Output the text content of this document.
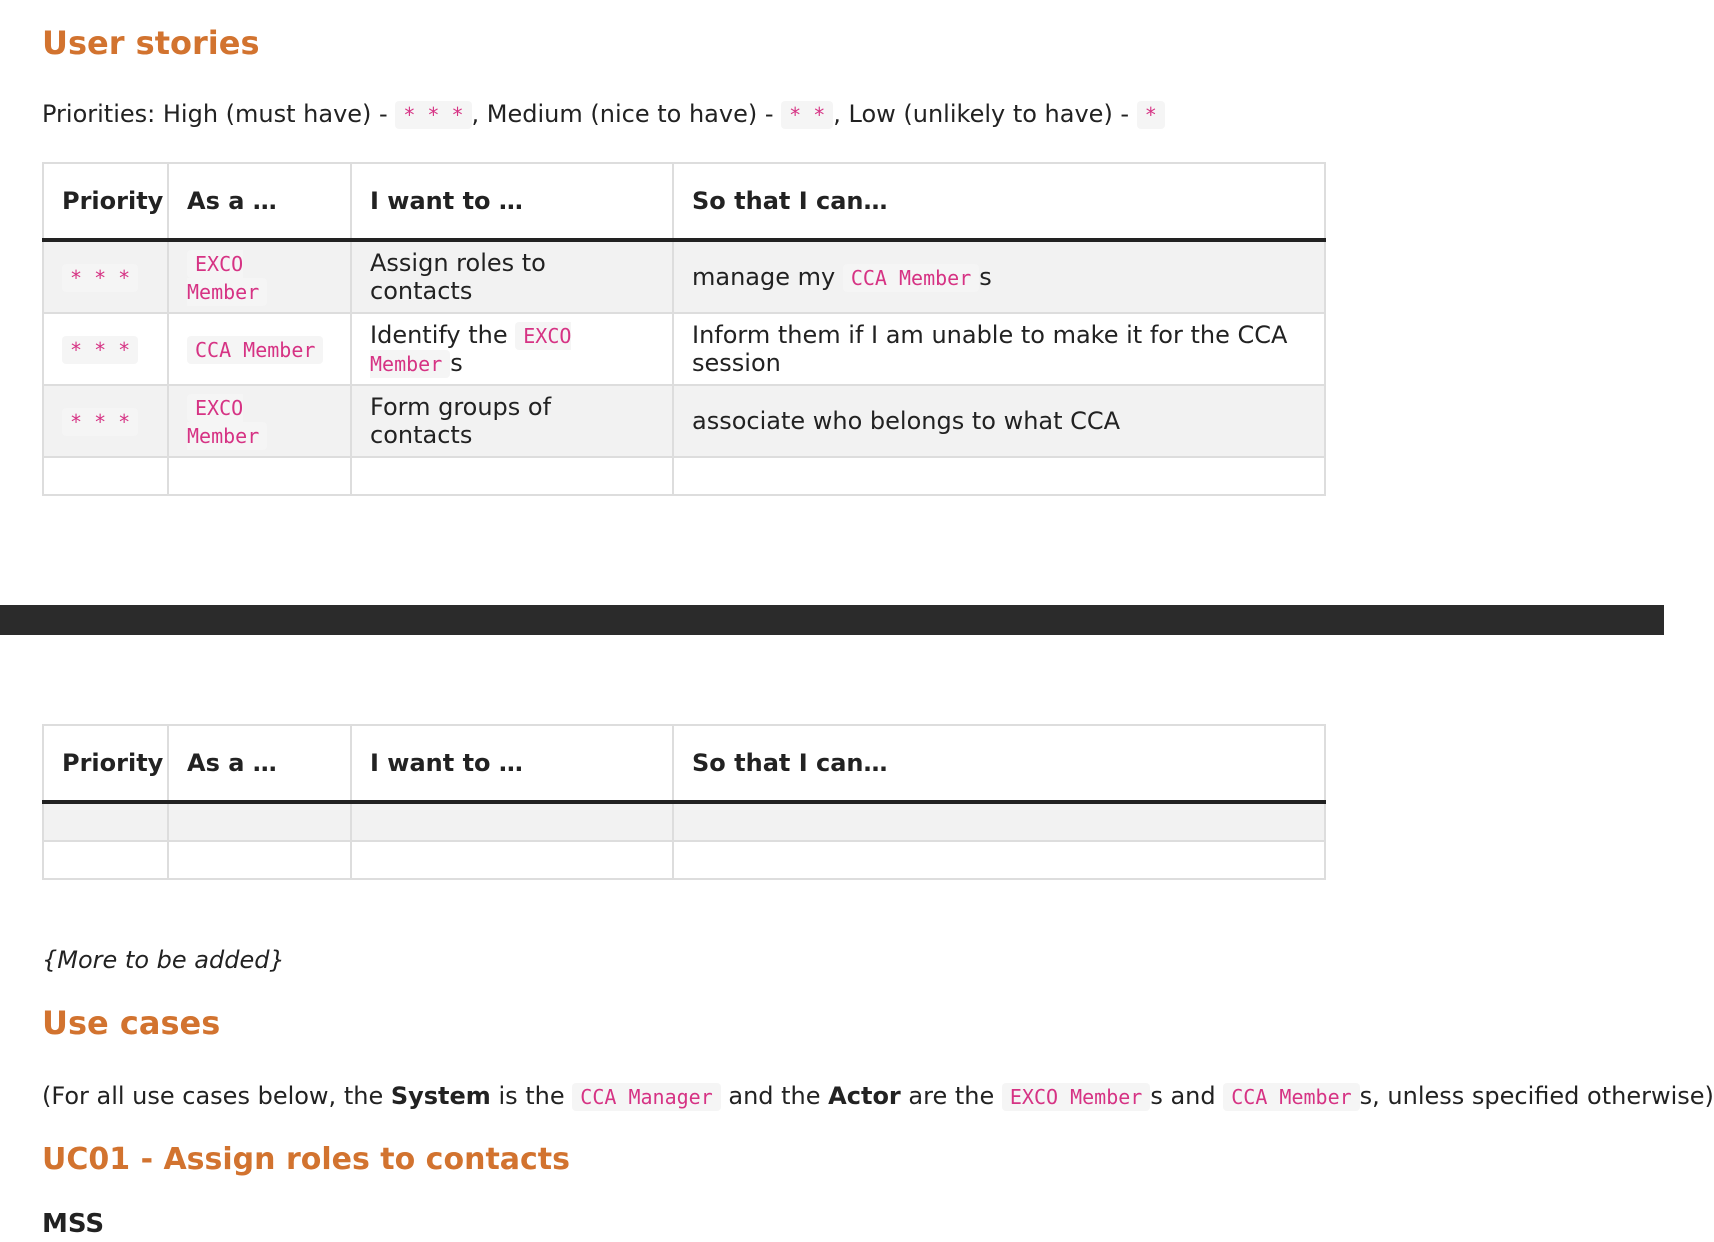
User stories

Priorities: High (must have) - * * * , Medium (nice to have) - * * , Low (unlikely to have) - *

Priority	As a …	I want to …	So that I can…
* * *	EXCO Member	Assign roles to contacts	manage my CCA Member s
* * *	CCA Member	Identify the EXCO Member s	Inform them if I am unable to make it for the CCA session
* * *	EXCO Member	Form groups of contacts	associate who belongs to what CCA

Priority	As a …	I want to …	So that I can…

{More to be added}

Use cases

(For all use cases below, the System is the CCA Manager and the Actor are the EXCO Member s and CCA Member s, unless specified otherwise)

UC01 - Assign roles to contacts

MSS
